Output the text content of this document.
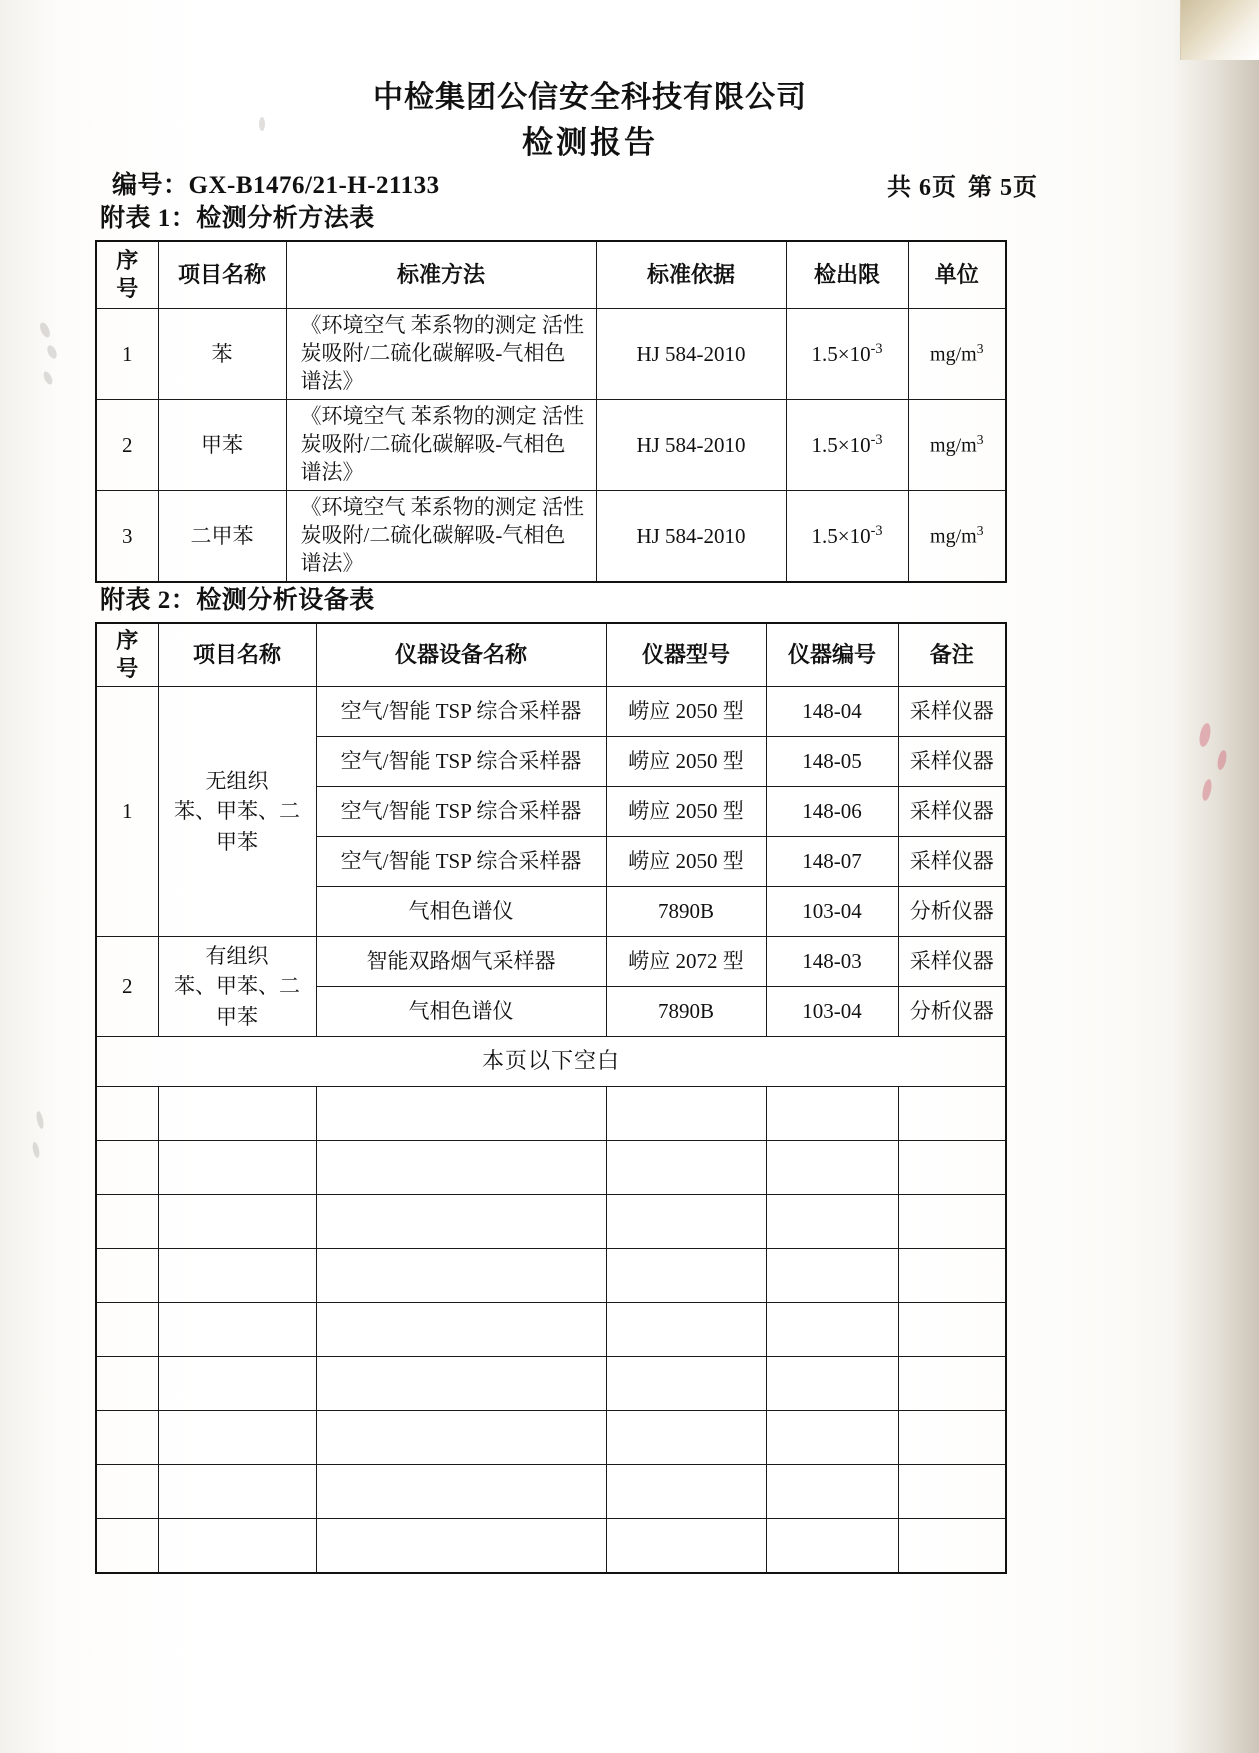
中检集团公信安全科技有限公司
检测报告
编号：GX-B1476/21-H-21133	共 6页 第 5页
附表 1：检测分析方法表
序
号	项目名称	标准方法	标准依据	检出限	单位
1	苯	《环境空气 苯系物的测定 活性炭吸附/二硫化碳解吸-气相色谱法》	HJ 584-2010	$1.5\times 10^{-3}$	$mg/m^3$
2	甲苯	《环境空气 苯系物的测定 活性炭吸附/二硫化碳解吸-气相色谱法》	HJ 584-2010	$1.5\times 10^{-3}$	$mg/m^3$
3	二甲苯	《环境空气 苯系物的测定 活性炭吸附/二硫化碳解吸-气相色谱法》	HJ 584-2010	$1.5\times 10^{-3}$	$mg/m^3$
附表 2：检测分析设备表
序
号	项目名称	仪器设备名称	仪器型号	仪器编号	备注
1	无组织
苯、甲苯、二
甲苯	空气/智能 TSP 综合采样器	崂应 2050 型	148-04	采样仪器
		空气/智能 TSP 综合采样器	崂应 2050 型	148-05	采样仪器
		空气/智能 TSP 综合采样器	崂应 2050 型	148-06	采样仪器
		空气/智能 TSP 综合采样器	崂应 2050 型	148-07	采样仪器
		气相色谱仪	7890B	103-04	分析仪器
2	有组织
苯、甲苯、二
甲苯	智能双路烟气采样器	崂应 2072 型	148-03	采样仪器
		气相色谱仪	7890B	103-04	分析仪器
本页以下空白					
